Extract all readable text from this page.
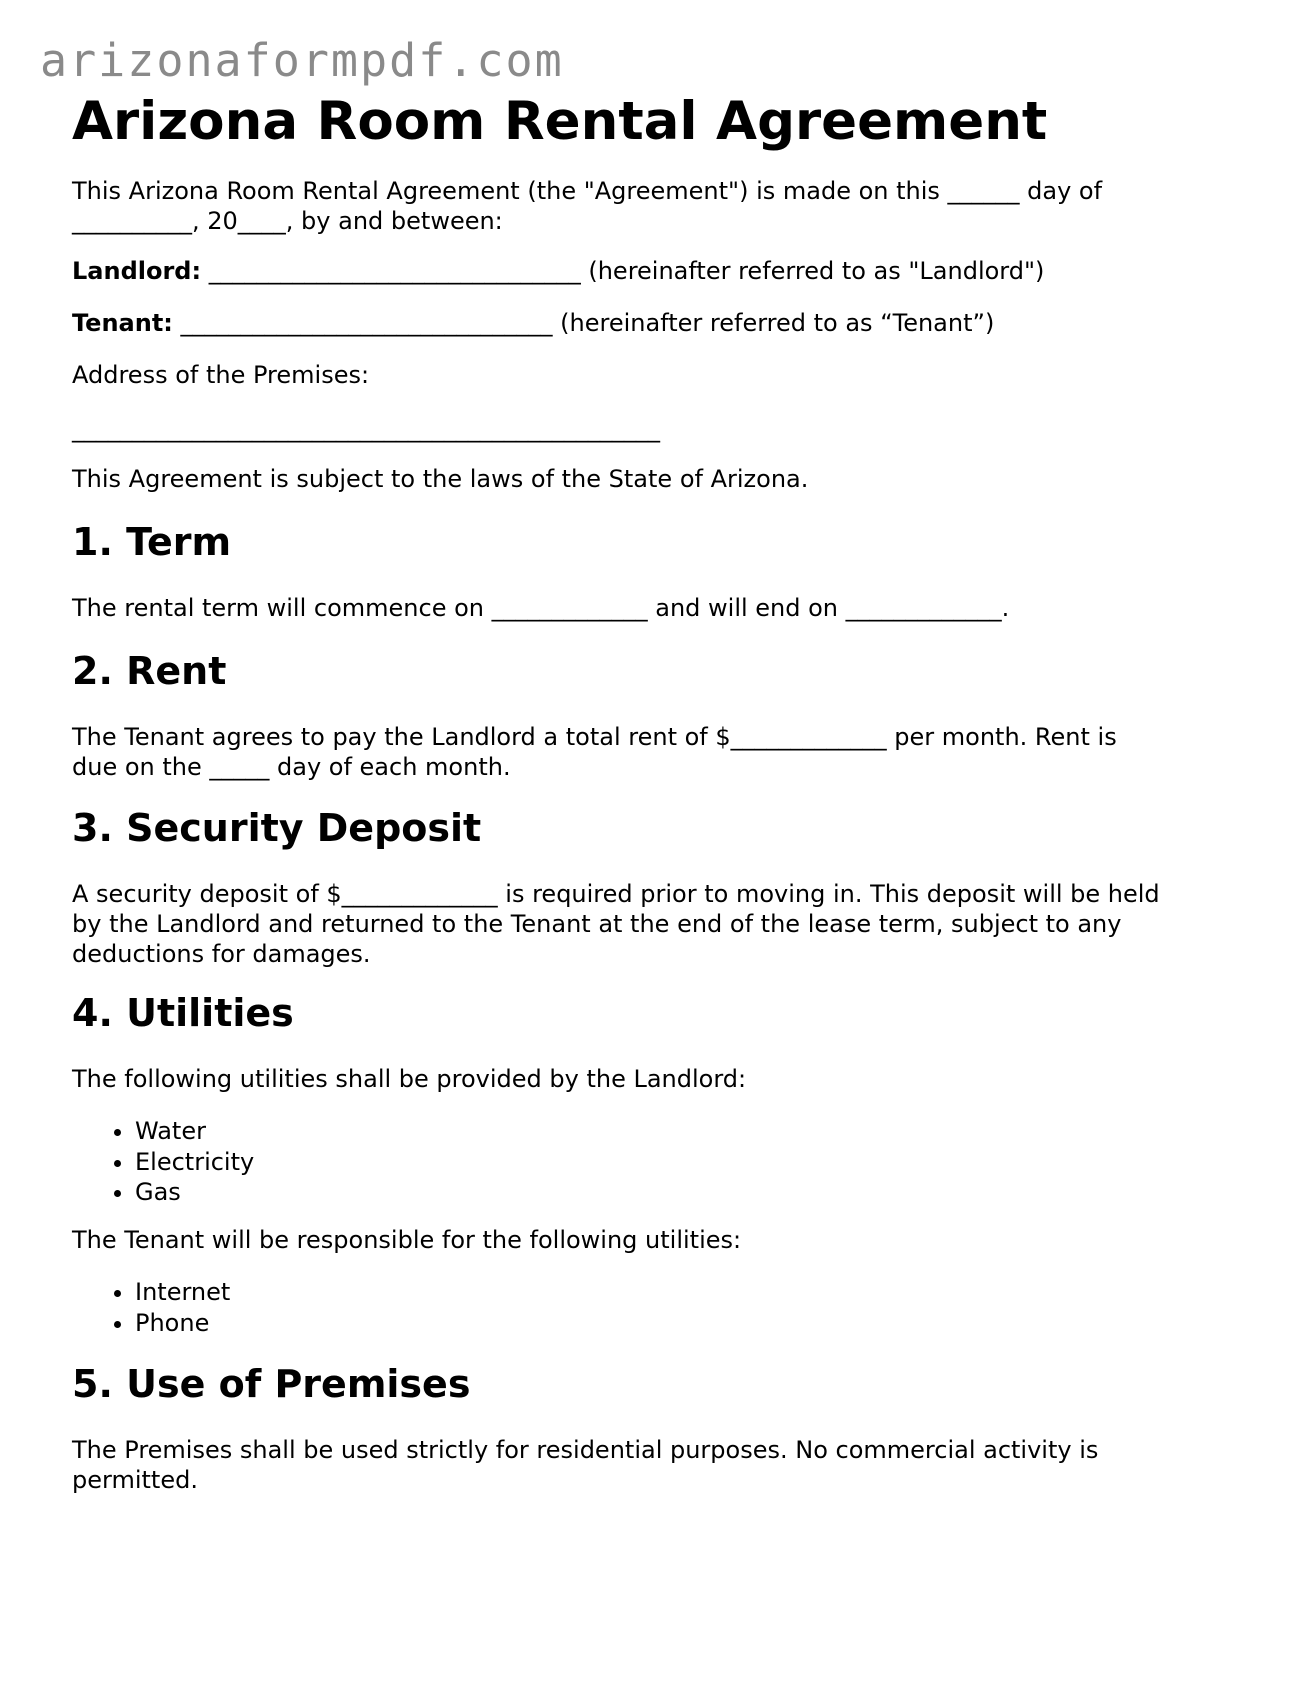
arizonaformpdf.com
Arizona Room Rental Agreement
This Arizona Room Rental Agreement (the "Agreement") is made on this ______ day of
__________, 20____, by and between:
Landlord: _______________________________ (hereinafter referred to as "Landlord")
Tenant: _______________________________ (hereinafter referred to as “Tenant”)
Address of the Premises:
_________________________________________________
This Agreement is subject to the laws of the State of Arizona.
1. Term
The rental term will commence on _____________ and will end on _____________.
2. Rent
The Tenant agrees to pay the Landlord a total rent of $_____________ per month. Rent is
due on the _____ day of each month.
3. Security Deposit
A security deposit of $_____________ is required prior to moving in. This deposit will be held
by the Landlord and returned to the Tenant at the end of the lease term, subject to any
deductions for damages.
4. Utilities
The following utilities shall be provided by the Landlord:
• Water
• Electricity
• Gas
The Tenant will be responsible for the following utilities:
• Internet
• Phone
5. Use of Premises
The Premises shall be used strictly for residential purposes. No commercial activity is
permitted.
